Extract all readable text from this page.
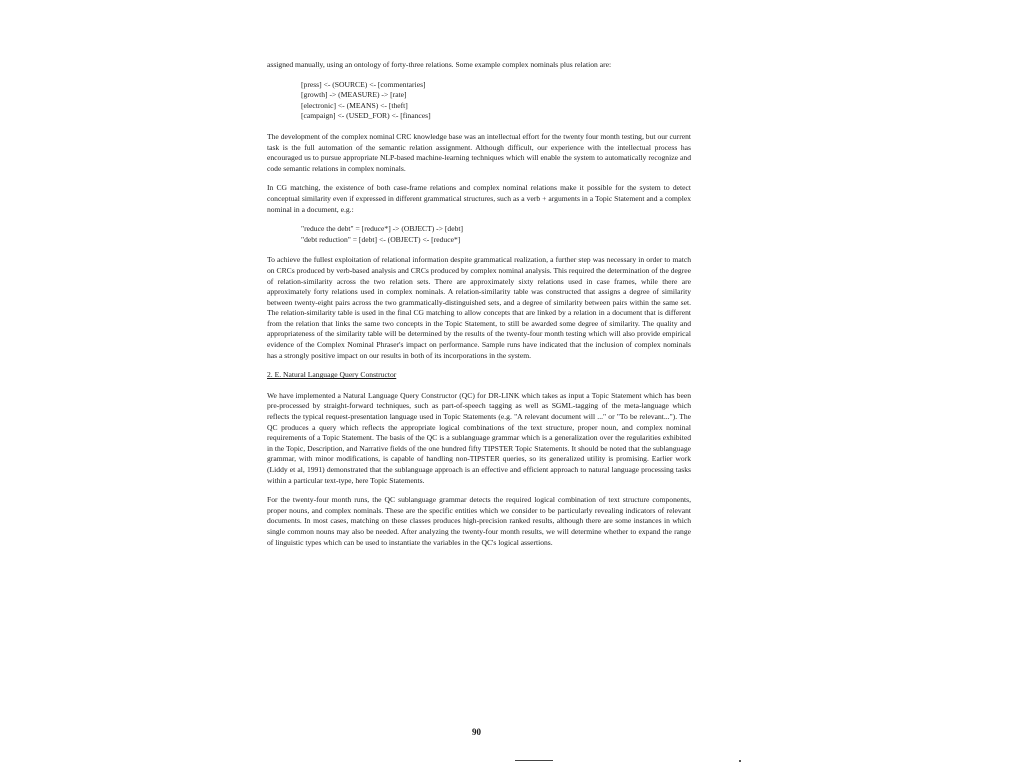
assigned manually, using an ontology of forty-three relations. Some example complex nominals plus relation are:

[press] <- (SOURCE) <- [commentaries]
[growth] -> (MEASURE) -> [rate]
[electronic] <- (MEANS) <- [theft]
[campaign] <- (USED_FOR) <- [finances]

The development of the complex nominal CRC knowledge base was an intellectual effort for the twenty four month testing, but our current task is the full automation of the semantic relation assignment. Although difficult, our experience with the intellectual process has encouraged us to pursue appropriate NLP-based machine-learning techniques which will enable the system to automatically recognize and code semantic relations in complex nominals.

In CG matching, the existence of both case-frame relations and complex nominal relations make it possible for the system to detect conceptual similarity even if expressed in different grammatical structures, such as a verb + arguments in a Topic Statement and a complex nominal in a document, e.g.:

"reduce the debt" = [reduce*] -> (OBJECT) -> [debt]
"debt reduction" = [debt] <- (OBJECT) <- [reduce*]

To achieve the fullest exploitation of relational information despite grammatical realization, a further step was necessary in order to match on CRCs produced by verb-based analysis and CRCs produced by complex nominal analysis. This required the determination of the degree of relation-similarity across the two relation sets. There are approximately sixty relations used in case frames, while there are approximately forty relations used in complex nominals. A relation-similarity table was constructed that assigns a degree of similarity between twenty-eight pairs across the two grammatically-distinguished sets, and a degree of similarity between pairs within the same set. The relation-similarity table is used in the final CG matching to allow concepts that are linked by a relation in a document that is different from the relation that links the same two concepts in the Topic Statement, to still be awarded some degree of similarity. The quality and appropriateness of the similarity table will be determined by the results of the twenty-four month testing which will also provide empirical evidence of the Complex Nominal Phraser's impact on performance. Sample runs have indicated that the inclusion of complex nominals has a strongly positive impact on our results in both of its incorporations in the system.

2. E. Natural Language Query Constructor

We have implemented a Natural Language Query Constructor (QC) for DR-LINK which takes as input a Topic Statement which has been pre-processed by straight-forward techniques, such as part-of-speech tagging as well as SGML-tagging of the meta-language which reflects the typical request-presentation language used in Topic Statements (e.g. "A relevant document will ..." or "To be relevant..."). The QC produces a query which reflects the appropriate logical combinations of the text structure, proper noun, and complex nominal requirements of a Topic Statement. The basis of the QC is a sublanguage grammar which is a generalization over the regularities exhibited in the Topic, Description, and Narrative fields of the one hundred fifty TIPSTER Topic Statements. It should be noted that the sublanguage grammar, with minor modifications, is capable of handling non-TIPSTER queries, so its generalized utility is promising. Earlier work (Liddy et al, 1991) demonstrated that the sublanguage approach is an effective and efficient approach to natural language processing tasks within a particular text-type, here Topic Statements.

For the twenty-four month runs, the QC sublanguage grammar detects the required logical combination of text structure components, proper nouns, and complex nominals. These are the specific entities which we consider to be particularly revealing indicators of relevant documents. In most cases, matching on these classes produces high-precision ranked results, although there are some instances in which single common nouns may also be needed. After analyzing the twenty-four month results, we will determine whether to expand the range of linguistic types which can be used to instantiate the variables in the QC's logical assertions.

90
